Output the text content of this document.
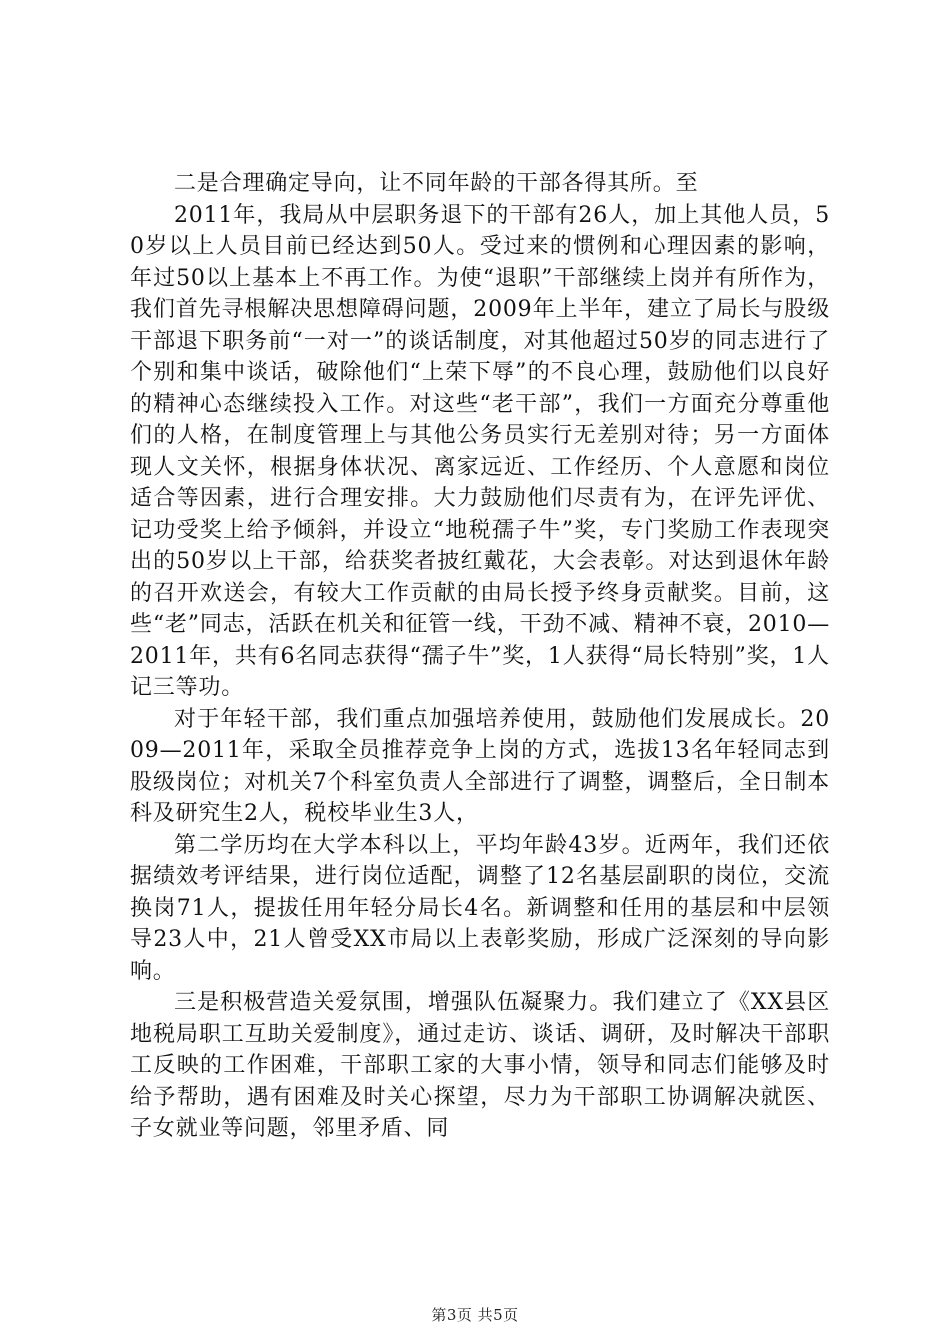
二是合理确定导向，让不同年龄的干部各得其所。至

2011年，我局从中层职务退下的干部有26人，加上其他人员，50岁以上人员目前已经达到50人。受过来的惯例和心理因素的影响，年过50以上基本上不再工作。为使“退职”干部继续上岗并有所作为，我们首先寻根解决思想障碍问题，2009年上半年，建立了局长与股级干部退下职务前“一对一”的谈话制度，对其他超过50岁的同志进行了个别和集中谈话，破除他们“上荣下辱”的不良心理，鼓励他们以良好的精神心态继续投入工作。对这些“老干部”，我们一方面充分尊重他们的人格，在制度管理上与其他公务员实行无差别对待；另一方面体现人文关怀，根据身体状况、离家远近、工作经历、个人意愿和岗位适合等因素，进行合理安排。大力鼓励他们尽责有为，在评先评优、记功受奖上给予倾斜，并设立“地税孺子牛”奖，专门奖励工作表现突出的50岁以上干部，给获奖者披红戴花，大会表彰。对达到退休年龄的召开欢送会，有较大工作贡献的由局长授予终身贡献奖。目前，这些“老”同志，活跃在机关和征管一线，干劲不减、精神不衰，2010—2011年，共有6名同志获得“孺子牛”奖，1人获得“局长特别”奖，1人记三等功。

对于年轻干部，我们重点加强培养使用，鼓励他们发展成长。2009—2011年，采取全员推荐竞争上岗的方式，选拔13名年轻同志到股级岗位；对机关7个科室负责人全部进行了调整，调整后，全日制本科及研究生2人，税校毕业生3人，

第二学历均在大学本科以上，平均年龄43岁。近两年，我们还依据绩效考评结果，进行岗位适配，调整了12名基层副职的岗位，交流换岗71人，提拔任用年轻分局长4名。新调整和任用的基层和中层领导23人中，21人曾受XX市局以上表彰奖励，形成广泛深刻的导向影响。

三是积极营造关爱氛围，增强队伍凝聚力。我们建立了《XX县区地税局职工互助关爱制度》，通过走访、谈话、调研，及时解决干部职工反映的工作困难，干部职工家的大事小情，领导和同志们能够及时给予帮助，遇有困难及时关心探望，尽力为干部职工协调解决就医、子女就业等问题，邻里矛盾、同

第3页 共5页
